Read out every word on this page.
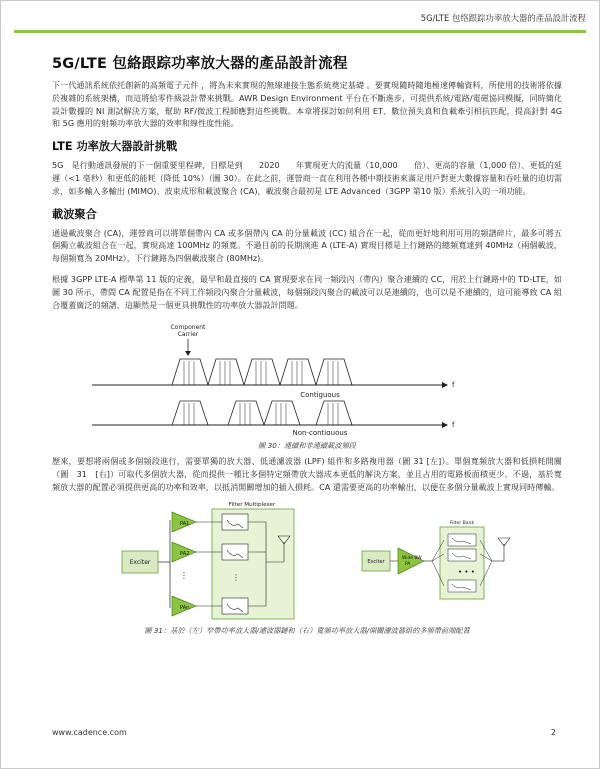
5G/LTE 包络跟踪功率放大器的產品設計流程
5G/LTE 包絡跟踪功率放大器的產品設計流程

下一代通訊系統依托創新的高頻電子元件 ，將為未來實現的無線連接生態系統奠定基礎 。要實現隨時隨地極速傳輸資料，所使用的技術將依據於複雜的系統架構，而這將給零件級設計帶來挑戰。AWR Design Environment 平台在不斷進步，可提供系統/電路/電磁協同模擬，同時簡化設計數據的 NI 測試解決方案，幫助 RF/微波工程師應對這些挑戰。本章將探討如何利用 ET、數位預失真和負載牽引相抗匹配，提高針對 4G 和 5G 應用的射頻功率放大器的效率和線性度性能。

LTE 功率放大器設計挑戰

5G　是行動通訊發展的下一個重要里程碑，目標是到　　2020　　年實現更大的流量（10,000　　倍）、更高的容量（1,000 倍）、更低的延遲（<1 毫秒）和更低的能耗（降低 10%）（圖 30）。在此之前，運營商一直在利用各種中期技術來滿足用戶對更大數據容量和吞吐量的迫切需求，如多輸入多輸出 (MIMO)、波束成形和載波聚合 (CA)，載波聚合最初是 LTE Advanced（3GPP 第10 版）系統引入的一項功能。

載波聚合

通過載波聚合 (CA)，運營商可以將單個帶內 CA 或多個帶內 CA 的分量載波 (CC) 組合在一起，從而更好地利用可用的頻譜碎片，最多可將五個獨立載波組合在一起，實現高達 100MHz 的頻寬。不過目前的長期演進 A (LTE-A) 實現目標是上行鏈路的總頻寬達到 40MHz（兩個載波，每個頻寬為 20MHz），下行鏈路為四個載波聚合 (80MHz)。

根據 3GPP LTE-A 標準第 11 版的定義，最早和最直接的 CA 實現要求在同一頻段內（帶內）聚合連續的 CC，用於上行鏈路中的 TD-LTE，如圖 30 所示，帶間 CA 配置是指在不同工作頻段內聚合分量載波，每個頻段內聚合的載波可以是連續的，也可以是不連續的，這可能導致 CA 組合覆蓋廣泛的頻譜，這顯然是一個更具挑戰性的功率放大器設計問題。

Component
Carrier
f
Contiguous
f
Non-contiguous
圖 30：連續和非連續載波頻段

歷來，要想將兩個或多個頻段進行，需要單獨的放大器、低通濾波器 (LPF) 組件和多路複用器（圖 31 [左]）。單個寬頻放大器和低損耗開關（圖　31　[右]）可取代多個放大器，從而提供一種比多個特定頻帶放大器成本更低的解決方案，並且占用的電路板面積更少。不過，基於寬頻放大器的配置必須提供更高的功率和效率，以抵消開關增加的插入損耗。CA 還需要更高的功率輸出，以便在多個分量載波上實現同時傳輸。

Filter Multiplexer
Exciter
PA1
PA2
⋮
PAn
⋮
Exciter
Wide BW
PA
Filter Bank
• • •
圖 31：基於（左）窄帶功率放大器/濾波器鏈和（右）寬頻功率放大器/開關濾波器組的多頻帶前端配置
www.cadence.com	2
